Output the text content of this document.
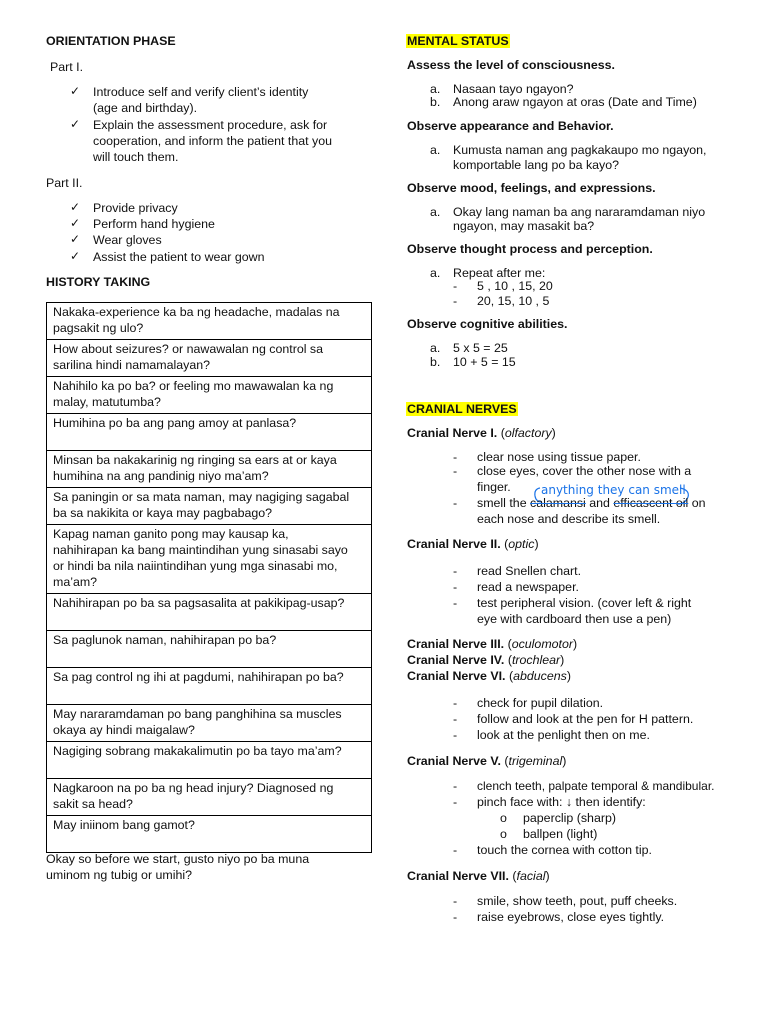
ORIENTATION PHASE
Part I.
✓ Introduce self and verify client’s identity
(age and birthday).
✓ Explain the assessment procedure, ask for
cooperation, and inform the patient that you
will touch them.
Part II.
✓ Provide privacy
✓ Perform hand hygiene
✓ Wear gloves
✓ Assist the patient to wear gown
HISTORY TAKING
Nakaka-experience ka ba ng headache, madalas na
pagsakit ng ulo?

How about seizures? or nawawalan ng control sa
sarilina hindi namamalayan?

Nahihilo ka po ba? or feeling mo mawawalan ka ng
malay, matutumba?

Humihina po ba ang pang amoy at panlasa?

Minsan ba nakakarinig ng ringing sa ears at or kaya
humihina na ang pandinig niyo ma’am?

Sa paningin or sa mata naman, may nagiging sagabal
ba sa nakikita or kaya may pagbabago?

Kapag naman ganito pong may kausap ka,
nahihirapan ka bang maintindihan yung sinasabi sayo
or hindi ba nila naiintindihan yung mga sinasabi mo,
ma’am?

Nahihirapan po ba sa pagsasalita at pakikipag-usap?

Sa paglunok naman, nahihirapan po ba?

Sa pag control ng ihi at pagdumi, nahihirapan po ba?

May nararamdaman po bang panghihina sa muscles
okaya ay hindi maigalaw?

Nagiging sobrang makakalimutin po ba tayo ma’am?

Nagkaroon na po ba ng head injury? Diagnosed ng
sakit sa head?

May iniinom bang gamot?
Okay so before we start, gusto niyo po ba muna
uminom ng tubig or umihi?
MENTAL STATUS
Assess the level of consciousness.
a. Nasaan tayo ngayon?
b. Anong araw ngayon at oras (Date and Time)
Observe appearance and Behavior.
a. Kumusta naman ang pagkakaupo mo ngayon,
komportable lang po ba kayo?
Observe mood, feelings, and expressions.
a. Okay lang naman ba ang nararamdaman niyo
ngayon, may masakit ba?
Observe thought process and perception.
a. Repeat after me:
- 5 , 10 , 15, 20
- 20, 15, 10 , 5
Observe cognitive abilities.
a. 5 x 5 = 25
b. 10 + 5 = 15
CRANIAL NERVES
Cranial Nerve I. (olfactory)
- clear nose using tissue paper.
- close eyes, cover the other nose with a
finger.	anything they can smell
- smell the calamansi and efficascent oil on
each nose and describe its smell.
Cranial Nerve II. (optic)
- read Snellen chart.
- read a newspaper.
- test peripheral vision. (cover left & right
eye with cardboard then use a pen)
Cranial Nerve III. (oculomotor)
Cranial Nerve IV. (trochlear)
Cranial Nerve VI. (abducens)
- check for pupil dilation.
- follow and look at the pen for H pattern.
- look at the penlight then on me.
Cranial Nerve V. (trigeminal)
- clench teeth, palpate temporal & mandibular.
- pinch face with: ↓ then identify:
o paperclip (sharp)
o ballpen (light)
- touch the cornea with cotton tip.
Cranial Nerve VII. (facial)
- smile, show teeth, pout, puff cheeks.
- raise eyebrows, close eyes tightly.
